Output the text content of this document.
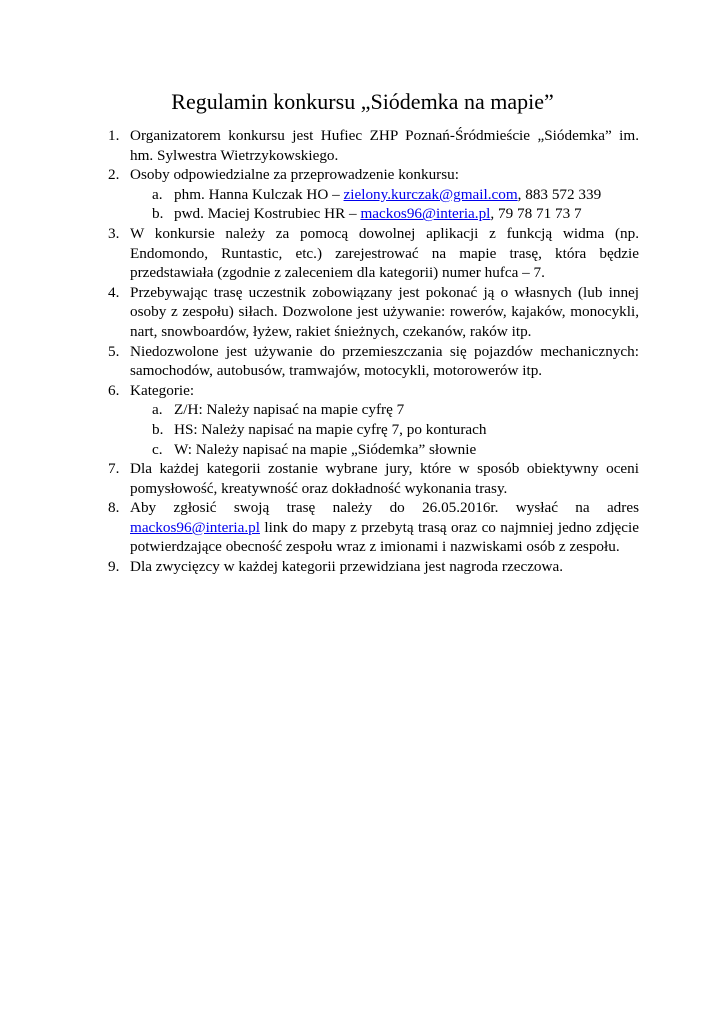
Regulamin konkursu „Siódemka na mapie”
1. Organizatorem konkursu jest Hufiec ZHP Poznań-Śródmieście „Siódemka” im. hm. Sylwestra Wietrzykowskiego.
2. Osoby odpowiedzialne za przeprowadzenie konkursu:
a. phm. Hanna Kulczak HO – zielony.kurczak@gmail.com, 883 572 339
b. pwd. Maciej Kostrubiec HR – mackos96@interia.pl, 79 78 71 73 7
3. W konkursie należy za pomocą dowolnej aplikacji z funkcją widma (np. Endomondo, Runtastic, etc.) zarejestrować na mapie trasę, która będzie przedstawiała (zgodnie z zaleceniem dla kategorii) numer hufca – 7.
4. Przebywając trasę uczestnik zobowiązany jest pokonać ją o własnych (lub innej osoby z zespołu) siłach. Dozwolone jest używanie: rowerów, kajaków, monocykli, nart, snowboardów, łyżew, rakiet śnieżnych, czekanów, raków itp.
5. Niedozwolone jest używanie do przemieszczania się pojazdów mechanicznych: samochodów, autobusów, tramwajów, motocykli, motorowerów itp.
6. Kategorie:
a. Z/H: Należy napisać na mapie cyfrę 7
b. HS: Należy napisać na mapie cyfrę 7, po konturach
c. W: Należy napisać na mapie „Siódemka” słownie
7. Dla każdej kategorii zostanie wybrane jury, które w sposób obiektywny oceni pomysłowość, kreatywność oraz dokładność wykonania trasy.
8. Aby zgłosić swoją trasę należy do 26.05.2016r. wysłać na adres mackos96@interia.pl link do mapy z przebytą trasą oraz co najmniej jedno zdjęcie potwierdzające obecność zespołu wraz z imionami i nazwiskami osób z zespołu.
9. Dla zwycięzcy w każdej kategorii przewidziana jest nagroda rzeczowa.
